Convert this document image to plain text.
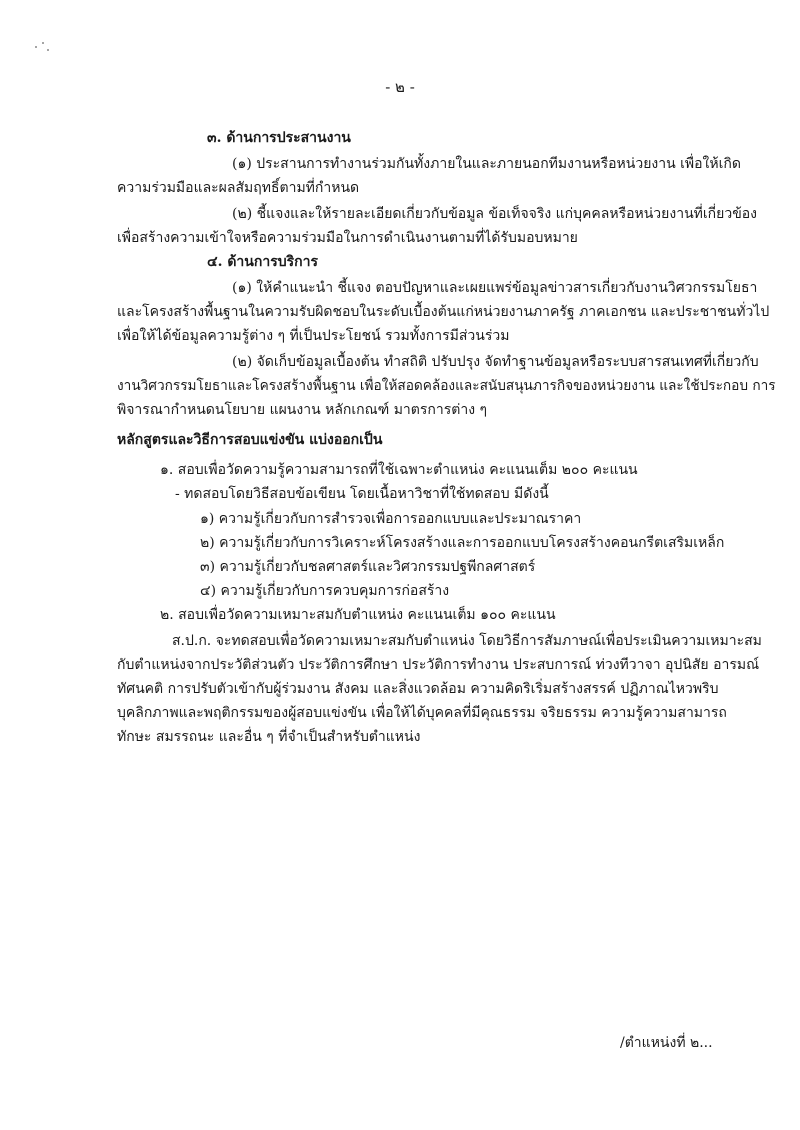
- ๒ -
๓. ด้านการประสานงาน
(๑) ประสานการทำงานร่วมกันทั้งภายในและภายนอกทีมงานหรือหน่วยงาน เพื่อให้เกิด
ความร่วมมือและผลสัมฤทธิ์ตามที่กำหนด
(๒) ชี้แจงและให้รายละเอียดเกี่ยวกับข้อมูล ข้อเท็จจริง แก่บุคคลหรือหน่วยงานที่เกี่ยวข้อง
เพื่อสร้างความเข้าใจหรือความร่วมมือในการดำเนินงานตามที่ได้รับมอบหมาย
๔. ด้านการบริการ
(๑) ให้คำแนะนำ ชี้แจง ตอบปัญหาและเผยแพร่ข้อมูลข่าวสารเกี่ยวกับงานวิศวกรรมโยธา
และโครงสร้างพื้นฐานในความรับผิดชอบในระดับเบื้องต้นแก่หน่วยงานภาครัฐ ภาคเอกชน และประชาชนทั่วไป
เพื่อให้ได้ข้อมูลความรู้ต่าง ๆ ที่เป็นประโยชน์ รวมทั้งการมีส่วนร่วม
(๒) จัดเก็บข้อมูลเบื้องต้น ทำสถิติ ปรับปรุง จัดทำฐานข้อมูลหรือระบบสารสนเทศที่เกี่ยวกับ
งานวิศวกรรมโยธาและโครงสร้างพื้นฐาน เพื่อให้สอดคล้องและสนับสนุนภารกิจของหน่วยงาน และใช้ประกอบ การ
พิจารณากำหนดนโยบาย แผนงาน หลักเกณฑ์ มาตรการต่าง ๆ
หลักสูตรและวิธีการสอบแข่งขัน แบ่งออกเป็น
๑. สอบเพื่อวัดความรู้ความสามารถที่ใช้เฉพาะตำแหน่ง คะแนนเต็ม ๒๐๐ คะแนน
- ทดสอบโดยวิธีสอบข้อเขียน โดยเนื้อหาวิชาที่ใช้ทดสอบ มีดังนี้
๑) ความรู้เกี่ยวกับการสำรวจเพื่อการออกแบบและประมาณราคา
๒) ความรู้เกี่ยวกับการวิเคราะห์โครงสร้างและการออกแบบโครงสร้างคอนกรีตเสริมเหล็ก
๓) ความรู้เกี่ยวกับชลศาสตร์และวิศวกรรมปฐพีกลศาสตร์
๔) ความรู้เกี่ยวกับการควบคุมการก่อสร้าง
๒. สอบเพื่อวัดความเหมาะสมกับตำแหน่ง คะแนนเต็ม ๑๐๐ คะแนน
ส.ป.ก. จะทดสอบเพื่อวัดความเหมาะสมกับตำแหน่ง โดยวิธีการสัมภาษณ์เพื่อประเมินความเหมาะสม
กับตำแหน่งจากประวัติส่วนตัว ประวัติการศึกษา ประวัติการทำงาน ประสบการณ์ ท่วงทีวาจา อุปนิสัย อารมณ์
ทัศนคติ การปรับตัวเข้ากับผู้ร่วมงาน สังคม และสิ่งแวดล้อม ความคิดริเริ่มสร้างสรรค์ ปฏิภาณไหวพริบ
บุคลิกภาพและพฤติกรรมของผู้สอบแข่งขัน เพื่อให้ได้บุคคลที่มีคุณธรรม จริยธรรม ความรู้ความสามารถ
ทักษะ สมรรถนะ และอื่น ๆ ที่จำเป็นสำหรับตำแหน่ง
/ตำแหน่งที่ ๒...
